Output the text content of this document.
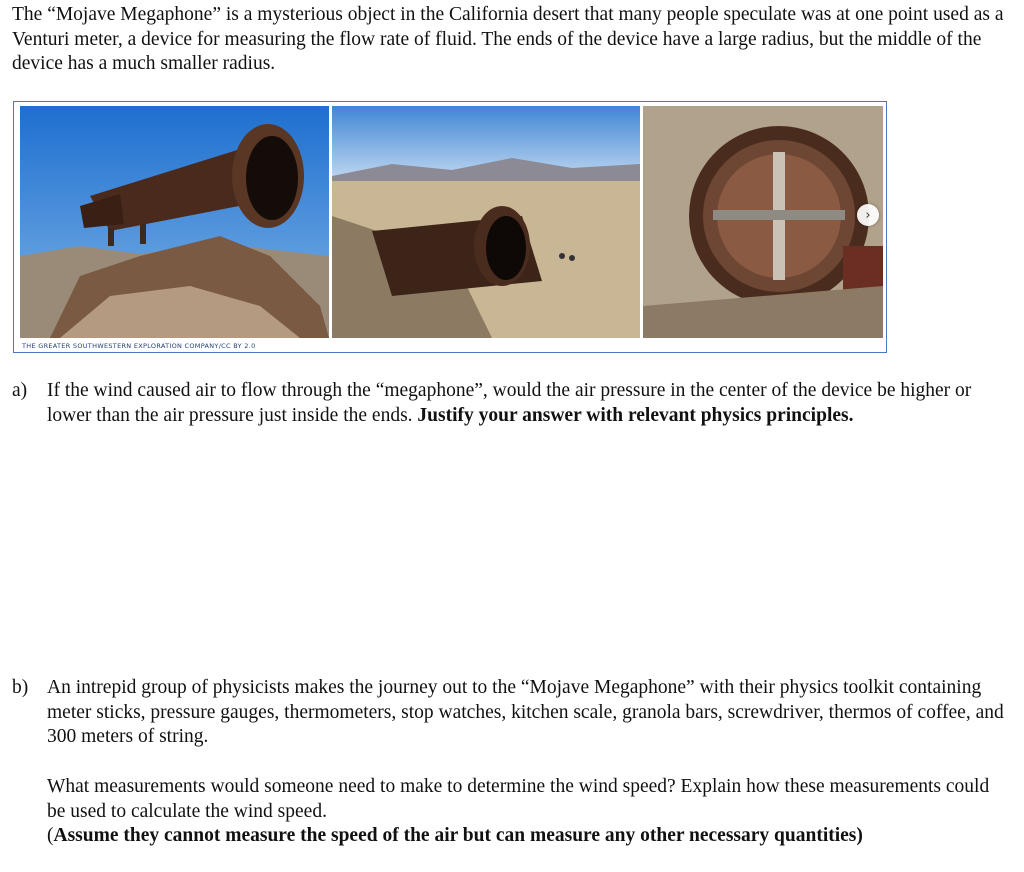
The “Mojave Megaphone” is a mysterious object in the California desert that many people speculate was at one point used as a Venturi meter, a device for measuring the flow rate of fluid. The ends of the device have a large radius, but the middle of the device has a much smaller radius.
›
THE GREATER SOUTHWESTERN EXPLORATION COMPANY/CC BY 2.0
a) If the wind caused air to flow through the “megaphone”, would the air pressure in the center of the device be higher or lower than the air pressure just inside the ends. Justify your answer with relevant physics principles.
b) An intrepid group of physicists makes the journey out to the “Mojave Megaphone” with their physics toolkit containing meter sticks, pressure gauges, thermometers, stop watches, kitchen scale, granola bars, screwdriver, thermos of coffee, and 300 meters of string.
What measurements would someone need to make to determine the wind speed? Explain how these measurements could be used to calculate the wind speed.
(Assume they cannot measure the speed of the air but can measure any other necessary quantities)
